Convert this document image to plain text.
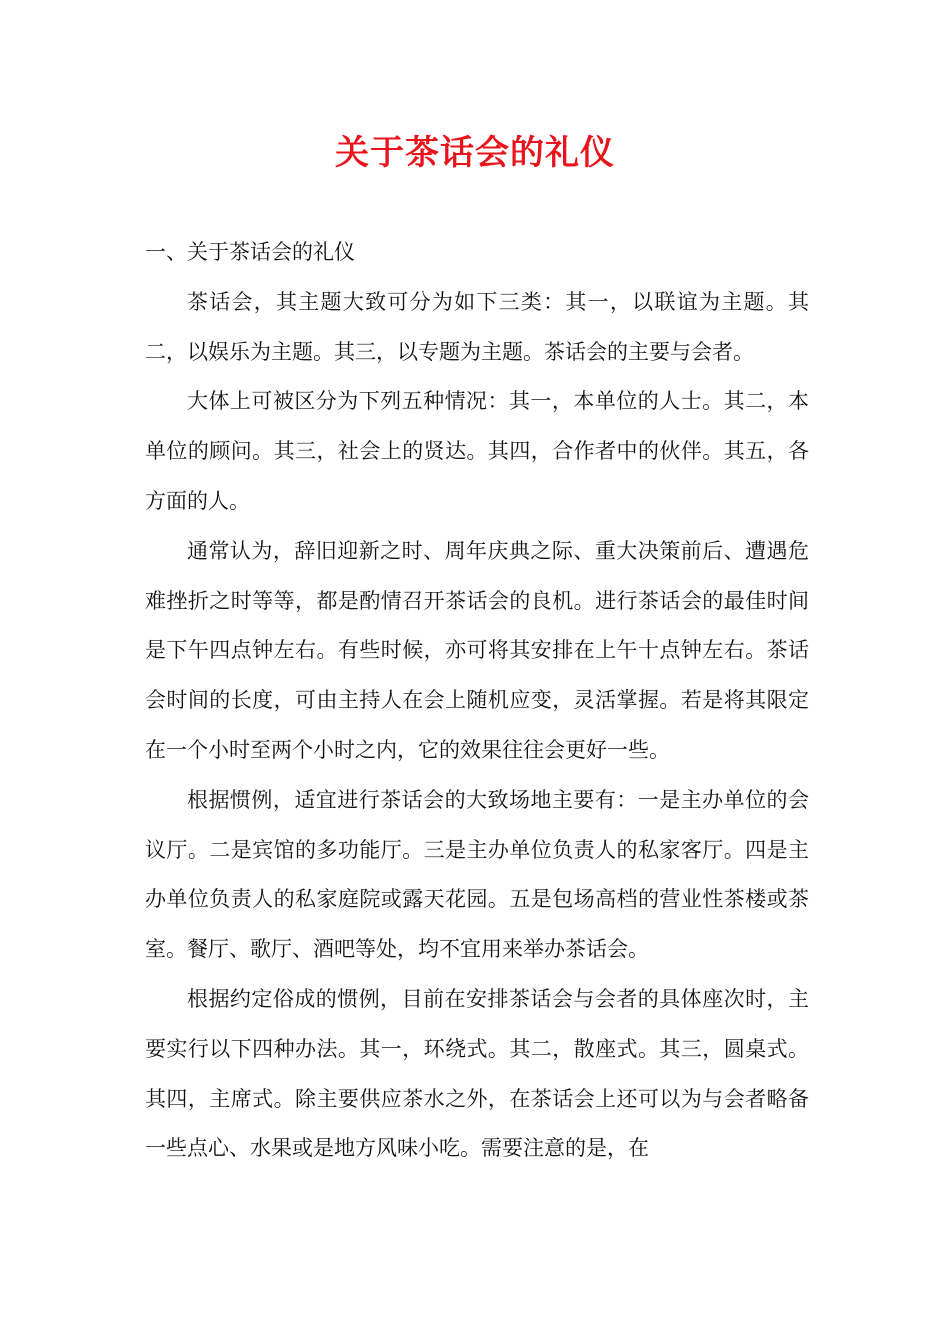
关于茶话会的礼仪

一、关于茶话会的礼仪

茶话会，其主题大致可分为如下三类：其一，以联谊为主题。其二，以娱乐为主题。其三，以专题为主题。茶话会的主要与会者。

大体上可被区分为下列五种情况：其一，本单位的人士。其二，本单位的顾问。其三，社会上的贤达。其四，合作者中的伙伴。其五，各方面的人。

通常认为，辞旧迎新之时、周年庆典之际、重大决策前后、遭遇危难挫折之时等等，都是酌情召开茶话会的良机。进行茶话会的最佳时间是下午四点钟左右。有些时候，亦可将其安排在上午十点钟左右。茶话会时间的长度，可由主持人在会上随机应变，灵活掌握。若是将其限定在一个小时至两个小时之内，它的效果往往会更好一些。

根据惯例，适宜进行茶话会的大致场地主要有：一是主办单位的会议厅。二是宾馆的多功能厅。三是主办单位负责人的私家客厅。四是主办单位负责人的私家庭院或露天花园。五是包场高档的营业性茶楼或茶室。餐厅、歌厅、酒吧等处，均不宜用来举办茶话会。

根据约定俗成的惯例，目前在安排茶话会与会者的具体座次时，主要实行以下四种办法。其一，环绕式。其二，散座式。其三，圆桌式。其四，主席式。除主要供应茶水之外，在茶话会上还可以为与会者略备一些点心、水果或是地方风味小吃。需要注意的是，在
